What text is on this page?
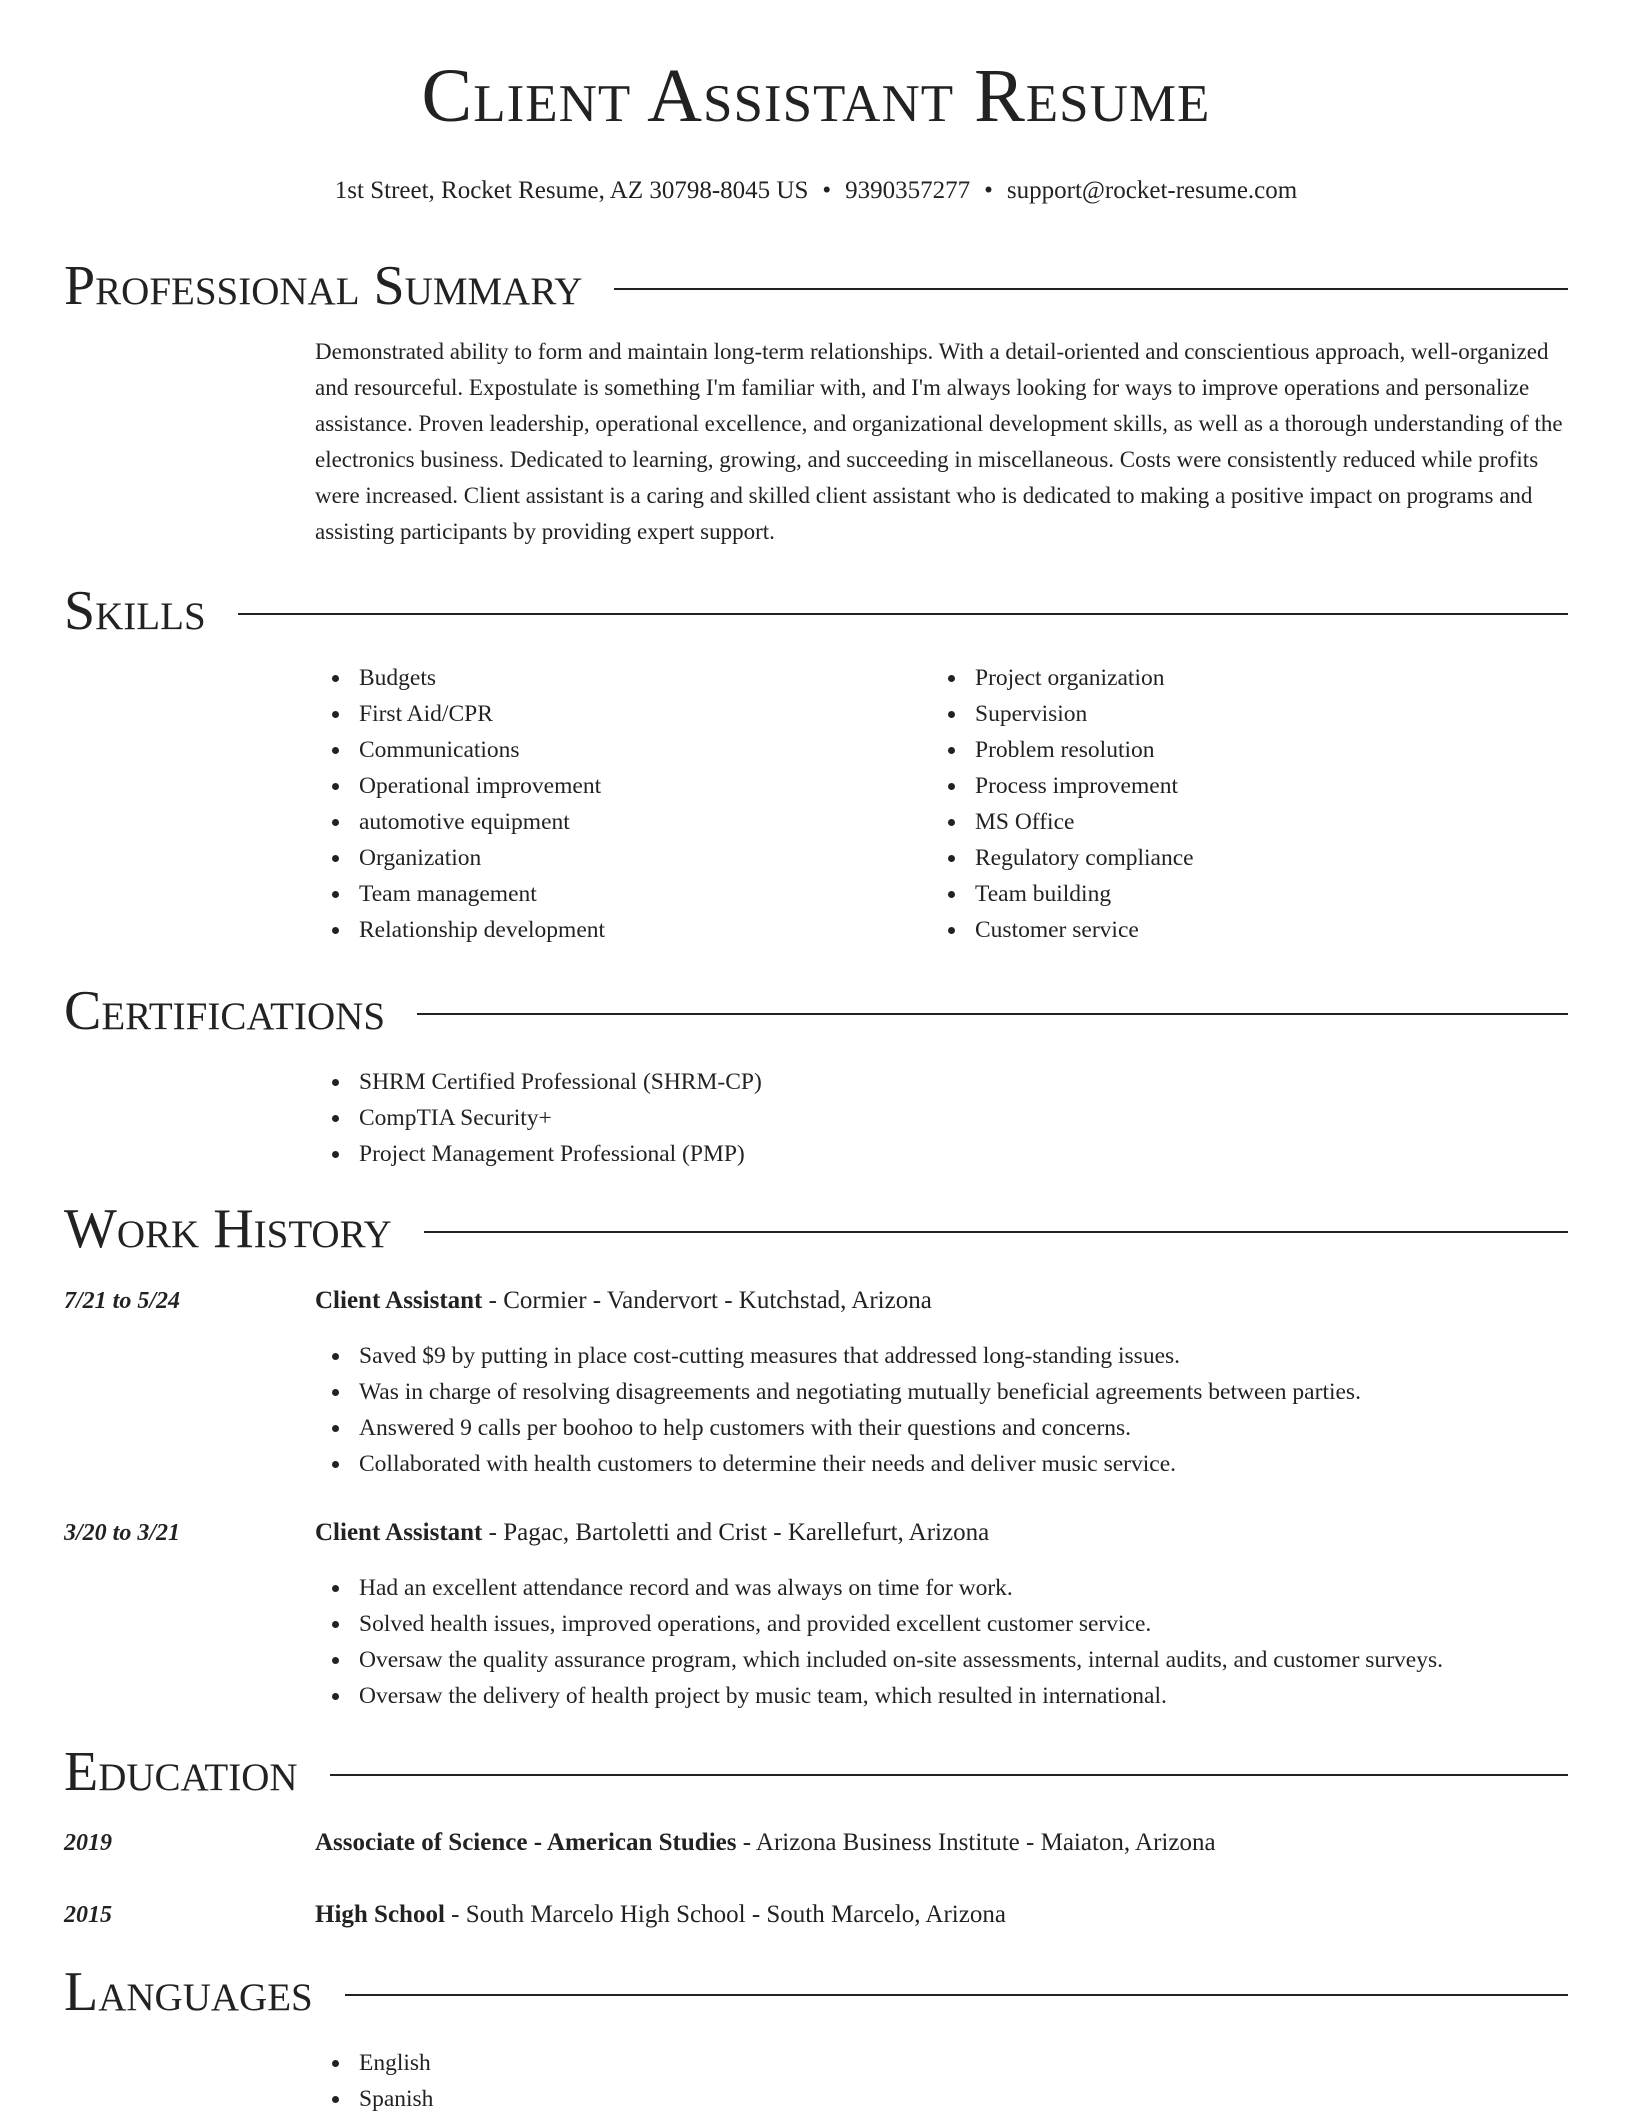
Client Assistant Resume
1st Street, Rocket Resume, AZ 30798-8045 US • 9390357277 • support@rocket-resume.com
Professional Summary
Demonstrated ability to form and maintain long-term relationships. With a detail-oriented and conscientious approach, well-organized and resourceful. Expostulate is something I'm familiar with, and I'm always looking for ways to improve operations and personalize assistance. Proven leadership, operational excellence, and organizational development skills, as well as a thorough understanding of the electronics business. Dedicated to learning, growing, and succeeding in miscellaneous. Costs were consistently reduced while profits were increased. Client assistant is a caring and skilled client assistant who is dedicated to making a positive impact on programs and assisting participants by providing expert support.
Skills
Budgets
First Aid/CPR
Communications
Operational improvement
automotive equipment
Organization
Team management
Relationship development
Project organization
Supervision
Problem resolution
Process improvement
MS Office
Regulatory compliance
Team building
Customer service
Certifications
SHRM Certified Professional (SHRM-CP)
CompTIA Security+
Project Management Professional (PMP)
Work History
7/21 to 5/24	Client Assistant - Cormier - Vandervort - Kutchstad, Arizona
Saved $9 by putting in place cost-cutting measures that addressed long-standing issues.
Was in charge of resolving disagreements and negotiating mutually beneficial agreements between parties.
Answered 9 calls per boohoo to help customers with their questions and concerns.
Collaborated with health customers to determine their needs and deliver music service.
3/20 to 3/21	Client Assistant - Pagac, Bartoletti and Crist - Karellefurt, Arizona
Had an excellent attendance record and was always on time for work.
Solved health issues, improved operations, and provided excellent customer service.
Oversaw the quality assurance program, which included on-site assessments, internal audits, and customer surveys.
Oversaw the delivery of health project by music team, which resulted in international.
Education
2019	Associate of Science - American Studies - Arizona Business Institute - Maiaton, Arizona
2015	High School - South Marcelo High School - South Marcelo, Arizona
Languages
English
Spanish
